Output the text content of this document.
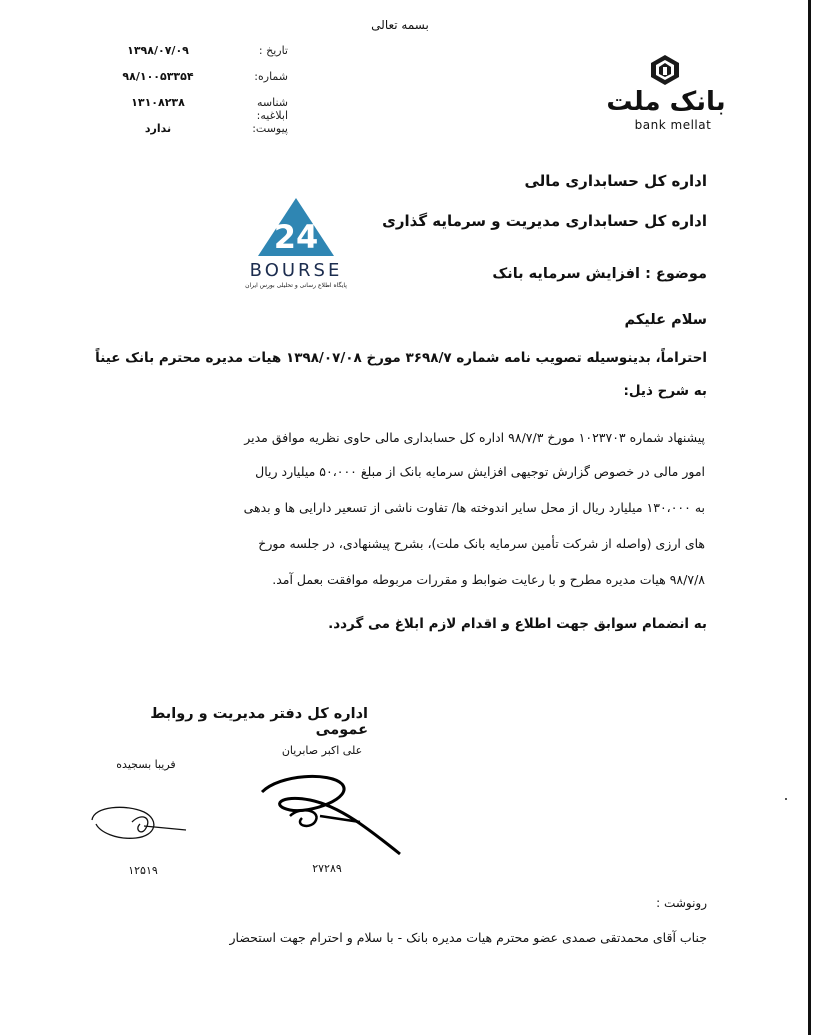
بسمه تعالی
تاریخ :
۱۳۹۸/۰۷/۰۹
شماره:
۹۸/۱۰۰۵۳۳۵۴
شناسه ابلاغیه:
۱۳۱۰۸۲۳۸
پیوست:
ندارد
بانک ملت
bank mellat
اداره کل حسابداری مالی
اداره کل حسابداری مدیریت و سرمایه گذاری
24
BOURSE
پایگاه اطلاع رسانی و تحلیلی بورس ایران
موضوع : افزایش سرمایه بانک
سلام علیکم
احتراماً، بدینوسیله تصویب نامه شماره ۳۶۹۸/۷ مورخ ۱۳۹۸/۰۷/۰۸ هیات مدیره محترم بانک عیناً
به شرح ذیل:
پیشنهاد شماره ۱۰۲۳۷۰۳ مورخ ۹۸/۷/۳ اداره کل حسابداری مالی حاوی نظریه موافق مدیر
امور مالی در خصوص گزارش توجیهی افزایش سرمایه بانک از مبلغ ۵۰،۰۰۰ میلیارد ریال
به ۱۳۰،۰۰۰ میلیارد ریال از محل سایر اندوخته ها/ تفاوت ناشی از تسعیر دارایی ها و بدهی
های ارزی (واصله از شرکت تأمین سرمایه بانک ملت)، بشرح پیشنهادی، در جلسه مورخ
۹۸/۷/۸ هیات مدیره مطرح و با رعایت ضوابط و مقررات مربوطه موافقت بعمل آمد.
به انضمام سوابق جهت اطلاع و اقدام لازم ابلاغ می گردد.
اداره کل دفتر مدیریت و روابط عمومی
علی اکبر صابریان
فریبا بسجیده
۲۷۲۸۹
۱۲۵۱۹
رونوشت :
جناب آقای محمدتقی صمدی عضو محترم هیات مدیره بانک - با سلام و احترام جهت استحضار
